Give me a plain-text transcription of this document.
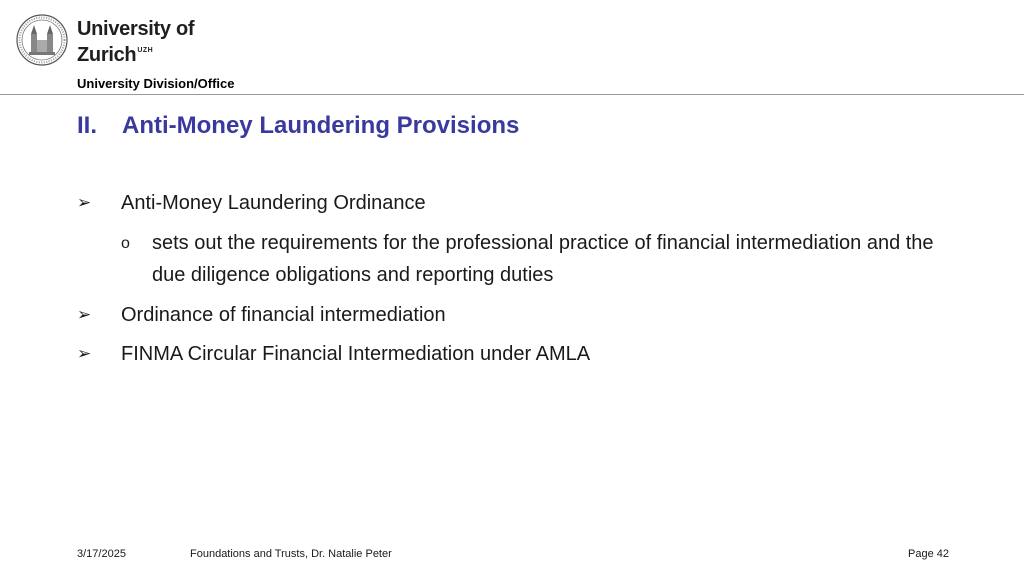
University of
Zurich$^{UZH}$
University Division/Office
II. Anti-Money Laundering Provisions
➢ Anti-Money Laundering Ordinance
o sets out the requirements for the professional practice of financial intermediation and the due diligence obligations and reporting duties
➢ Ordinance of financial intermediation
➢ FINMA Circular Financial Intermediation under AMLA
3/17/2025	Foundations and Trusts, Dr. Natalie Peter	Page 42
